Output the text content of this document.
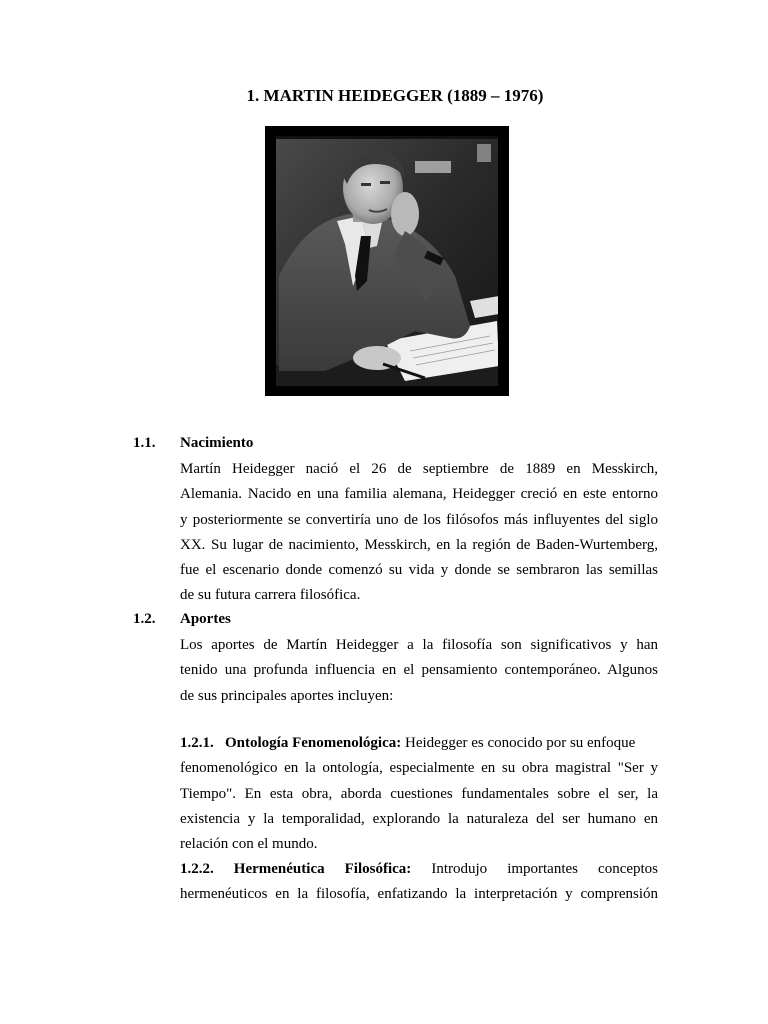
1. MARTIN HEIDEGGER (1889 – 1976)
1.1. Nacimiento
Martín Heidegger nació el 26 de septiembre de 1889 en Messkirch,
Alemania. Nacido en una familia alemana, Heidegger creció en este entorno
y posteriormente se convertiría uno de los filósofos más influyentes del siglo
XX. Su lugar de nacimiento, Messkirch, en la región de Baden-Wurtemberg,
fue el escenario donde comenzó su vida y donde se sembraron las semillas
de su futura carrera filosófica.
1.2. Aportes
Los aportes de Martín Heidegger a la filosofía son significativos y han
tenido una profunda influencia en el pensamiento contemporáneo. Algunos
de sus principales aportes incluyen:
1.2.1. Ontología Fenomenológica: Heidegger es conocido por su enfoque
fenomenológico en la ontología, especialmente en su obra magistral "Ser y
Tiempo". En esta obra, aborda cuestiones fundamentales sobre el ser, la
existencia y la temporalidad, explorando la naturaleza del ser humano en
relación con el mundo.
1.2.2. Hermenéutica Filosófica: Introdujo importantes conceptos
hermenéuticos en la filosofía, enfatizando la interpretación y comprensión
